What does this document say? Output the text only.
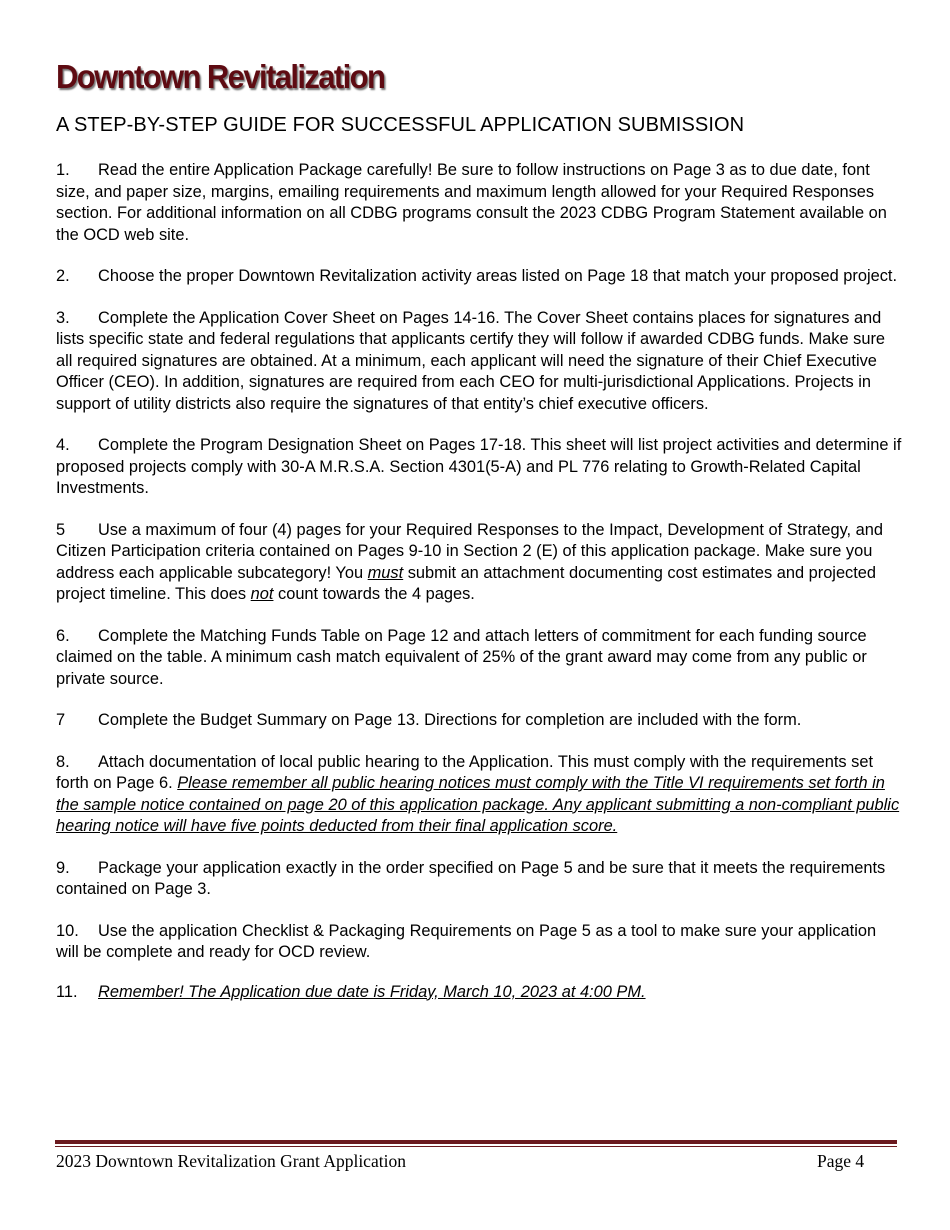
Downtown Revitalization
A STEP-BY-STEP GUIDE FOR SUCCESSFUL APPLICATION SUBMISSION

1. Read the entire Application Package carefully! Be sure to follow instructions on Page 3 as to due date, font size, and paper size, margins, emailing requirements and maximum length allowed for your Required Responses section. For additional information on all CDBG programs consult the 2023 CDBG Program Statement available on the OCD web site.

2. Choose the proper Downtown Revitalization activity areas listed on Page 18 that match your proposed project.

3. Complete the Application Cover Sheet on Pages 14-16. The Cover Sheet contains places for signatures and lists specific state and federal regulations that applicants certify they will follow if awarded CDBG funds. Make sure all required signatures are obtained. At a minimum, each applicant will need the signature of their Chief Executive Officer (CEO). In addition, signatures are required from each CEO for multi-jurisdictional Applications. Projects in support of utility districts also require the signatures of that entity’s chief executive officers.

4. Complete the Program Designation Sheet on Pages 17-18. This sheet will list project activities and determine if proposed projects comply with 30-A M.R.S.A. Section 4301(5-A) and PL 776 relating to Growth-Related Capital Investments.

5 Use a maximum of four (4) pages for your Required Responses to the Impact, Development of Strategy, and Citizen Participation criteria contained on Pages 9-10 in Section 2 (E) of this application package. Make sure you address each applicable subcategory! You must submit an attachment documenting cost estimates and projected project timeline. This does not count towards the 4 pages.

6. Complete the Matching Funds Table on Page 12 and attach letters of commitment for each funding source claimed on the table. A minimum cash match equivalent of 25% of the grant award may come from any public or private source.

7 Complete the Budget Summary on Page 13. Directions for completion are included with the form.

8. Attach documentation of local public hearing to the Application. This must comply with the requirements set forth on Page 6. Please remember all public hearing notices must comply with the Title VI requirements set forth in the sample notice contained on page 20 of this application package. Any applicant submitting a non-compliant public hearing notice will have five points deducted from their final application score.

9. Package your application exactly in the order specified on Page 5 and be sure that it meets the requirements contained on Page 3.

10. Use the application Checklist & Packaging Requirements on Page 5 as a tool to make sure your application will be complete and ready for OCD review.

11. Remember! The Application due date is Friday, March 10, 2023 at 4:00 PM.

2023 Downtown Revitalization Grant Application	Page 4
